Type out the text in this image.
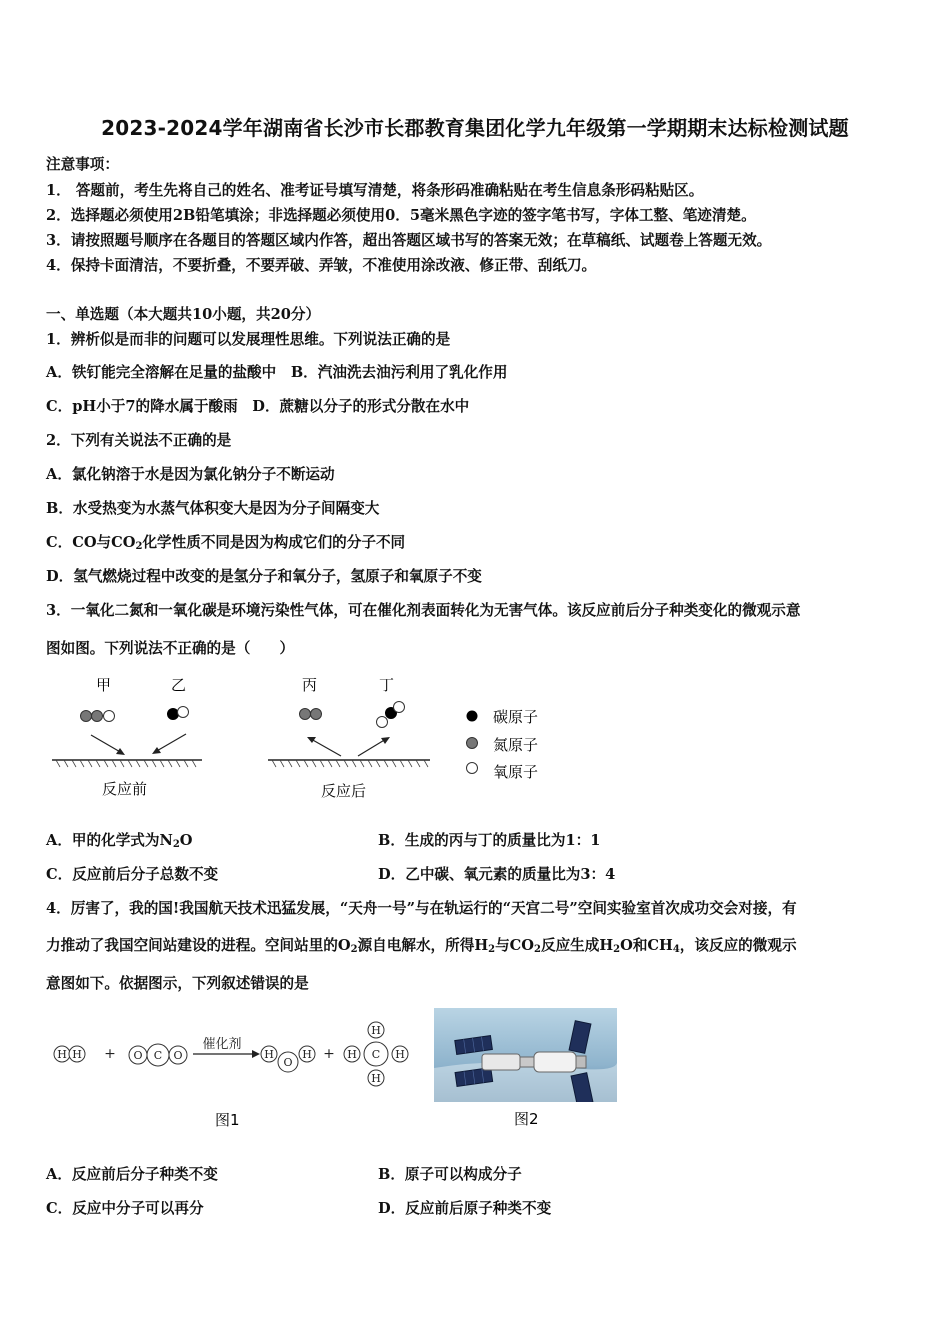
2023-2024学年湖南省长沙市长郡教育集团化学九年级第一学期期末达标检测试题
注意事项：
1． 答题前，考生先将自己的姓名、准考证号填写清楚，将条形码准确粘贴在考生信息条形码粘贴区。
2．选择题必须使用2B铅笔填涂；非选择题必须使用0．5毫米黑色字迹的签字笔书写，字体工整、笔迹清楚。
3．请按照题号顺序在各题目的答题区域内作答，超出答题区域书写的答案无效；在草稿纸、试题卷上答题无效。
4．保持卡面清洁，不要折叠，不要弄破、弄皱，不准使用涂改液、修正带、刮纸刀。
一、单选题（本大题共10小题，共20分）
1．辨析似是而非的问题可以发展理性思维。下列说法正确的是
A．铁钉能完全溶解在足量的盐酸中　B．汽油洗去油污利用了乳化作用
C．pH小于7的降水属于酸雨　D．蔗糖以分子的形式分散在水中
2．下列有关说法不正确的是
A．氯化钠溶于水是因为氯化钠分子不断运动
B．水受热变为水蒸气体积变大是因为分子间隔变大
C．CO与$CO_2$化学性质不同是因为构成它们的分子不同
D．氢气燃烧过程中改变的是氢分子和氧分子，氢原子和氧原子不变
3．一氧化二氮和一氧化碳是环境污染性气体，可在催化剂表面转化为无害气体。该反应前后分子种类变化的微观示意
图如图。下列说法不正确的是（　　）
甲	乙	丙	丁
反应前	反应后
碳原子
氮原子
氧原子
A．甲的化学式为$N_2O$	B．生成的丙与丁的质量比为1：1
C．反应前后分子总数不变	D．乙中碳、氧元素的质量比为3：4
4．厉害了，我的国!我国航天技术迅猛发展，“天舟一号”与在轨运行的“天宫二号”空间实验室首次成功交会对接，有
力推动了我国空间站建设的进程。空间站里的$O_2$源自电解水，所得$H_2$与$CO_2$反应生成$H_2O$和$CH_4$，该反应的微观示
意图如下。依据图示，下列叙述错误的是
H H + O C O
催化剂
H
O
H +	C
H
H
H	H
图1	图2
A．反应前后分子种类不变	B．原子可以构成分子
C．反应中分子可以再分	D．反应前后原子种类不变
